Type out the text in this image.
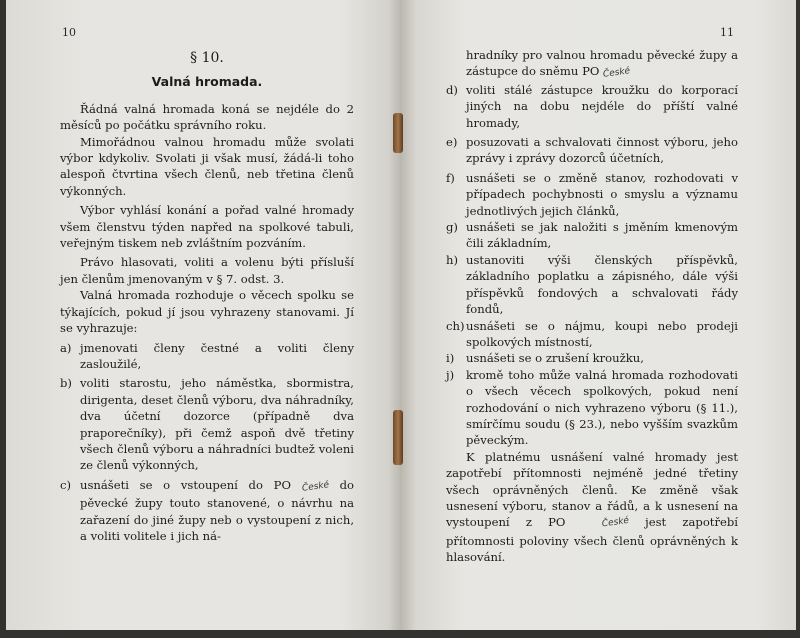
10

§ 10.

Valná hromada.

Řádná valná hromada koná se nejdéle do 2 měsíců po počátku správního roku.

Mimořádnou valnou hromadu může svolati výbor kdykoliv. Svolati ji však musí, žádá-li toho alespoň čtvrtina všech členů, neb třetina členů výkonných.

Výbor vyhlásí konání a pořad valné hromady všem členstvu týden napřed na spolkové tabuli, veřejným tiskem neb zvláštním pozváním.

Právo hlasovati, voliti a volenu býti přísluší jen členům jmenovaným v § 7. odst. 3.

Valná hromada rozhoduje o věcech spolku se týkajících, pokud jí jsou vyhrazeny stanovami. Jí se vyhrazuje:

a) jmenovati členy čestné a voliti členy zasloužilé,
b) voliti starostu, jeho náměstka, sbormistra, dirigenta, deset členů výboru, dva náhradníky, dva účetní dozorce (případně dva praporečníky), při čemž aspoň dvě třetiny všech členů výboru a náhradníci budtež voleni ze členů výkonných,
c) usnášeti se o vstoupení do PO České do pěvecké župy touto stanovené, o návrhu na zařazení do jiné župy neb o vystoupení z nich, a voliti volitele i jich ná-
11

hradníky pro valnou hromadu pěvecké župy a zástupce do sněmu PO České

d) voliti stálé zástupce kroužku do korporací jiných na dobu nejdéle do příští valné hromady,
e) posuzovati a schvalovati činnost výboru, jeho zprávy i zprávy dozorců účetních,
f) usnášeti se o změně stanov, rozhodovati v případech pochybnosti o smyslu a významu jednotlivých jejich článků,
g) usnášeti se jak naložiti s jměním kmenovým čili základním,
h) ustanoviti výši členských příspěvků, základního poplatku a zápisného, dále výši příspěvků fondových a schvalovati řády fondů,
ch) usnášeti se o nájmu, koupi nebo prodeji spolkových místností,
i)	usnášeti se o zrušení kroužku,
j)	kromě toho může valná hromada rozhodovati o všech věcech spolkových, pokud není rozhodování o nich vyhrazeno výboru (§ 11.), smírčímu soudu (§ 23.), nebo vyšším svazkům pěveckým.

K platnému usnášení valné hromady jest zapotřebí přítomnosti nejméně jedné třetiny všech oprávněných členů. Ke změně však usnesení výboru, stanov a řádů, a k usnesení na vystoupení z PO	České jest zapotřebí přítomnosti poloviny všech členů oprávněných k hlasování.
